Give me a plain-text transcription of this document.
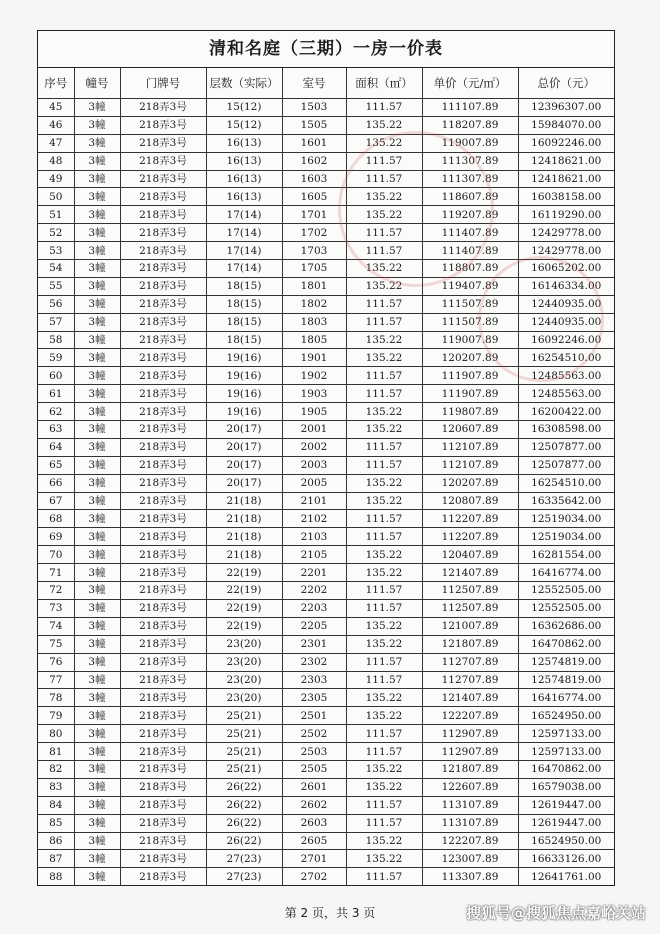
清和名庭（三期）一房一价表
序号	幢号	门牌号	层数（实际）	室号	面积（㎡）	单价（元/㎡）	总价（元）
45	3幢	218弄3号	15(12)	1503	111.57	111107.89	12396307.00
46	3幢	218弄3号	15(12)	1505	135.22	118207.89	15984070.00
47	3幢	218弄3号	16(13)	1601	135.22	119007.89	16092246.00
48	3幢	218弄3号	16(13)	1602	111.57	111307.89	12418621.00
49	3幢	218弄3号	16(13)	1603	111.57	111307.89	12418621.00
50	3幢	218弄3号	16(13)	1605	135.22	118607.89	16038158.00
51	3幢	218弄3号	17(14)	1701	135.22	119207.89	16119290.00
52	3幢	218弄3号	17(14)	1702	111.57	111407.89	12429778.00
53	3幢	218弄3号	17(14)	1703	111.57	111407.89	12429778.00
54	3幢	218弄3号	17(14)	1705	135.22	118807.89	16065202.00
55	3幢	218弄3号	18(15)	1801	135.22	119407.89	16146334.00
56	3幢	218弄3号	18(15)	1802	111.57	111507.89	12440935.00
57	3幢	218弄3号	18(15)	1803	111.57	111507.89	12440935.00
58	3幢	218弄3号	18(15)	1805	135.22	119007.89	16092246.00
59	3幢	218弄3号	19(16)	1901	135.22	120207.89	16254510.00
60	3幢	218弄3号	19(16)	1902	111.57	111907.89	12485563.00
61	3幢	218弄3号	19(16)	1903	111.57	111907.89	12485563.00
62	3幢	218弄3号	19(16)	1905	135.22	119807.89	16200422.00
63	3幢	218弄3号	20(17)	2001	135.22	120607.89	16308598.00
64	3幢	218弄3号	20(17)	2002	111.57	112107.89	12507877.00
65	3幢	218弄3号	20(17)	2003	111.57	112107.89	12507877.00
66	3幢	218弄3号	20(17)	2005	135.22	120207.89	16254510.00
67	3幢	218弄3号	21(18)	2101	135.22	120807.89	16335642.00
68	3幢	218弄3号	21(18)	2102	111.57	112207.89	12519034.00
69	3幢	218弄3号	21(18)	2103	111.57	112207.89	12519034.00
70	3幢	218弄3号	21(18)	2105	135.22	120407.89	16281554.00
71	3幢	218弄3号	22(19)	2201	135.22	121407.89	16416774.00
72	3幢	218弄3号	22(19)	2202	111.57	112507.89	12552505.00
73	3幢	218弄3号	22(19)	2203	111.57	112507.89	12552505.00
74	3幢	218弄3号	22(19)	2205	135.22	121007.89	16362686.00
75	3幢	218弄3号	23(20)	2301	135.22	121807.89	16470862.00
76	3幢	218弄3号	23(20)	2302	111.57	112707.89	12574819.00
77	3幢	218弄3号	23(20)	2303	111.57	112707.89	12574819.00
78	3幢	218弄3号	23(20)	2305	135.22	121407.89	16416774.00
79	3幢	218弄3号	25(21)	2501	135.22	122207.89	16524950.00
80	3幢	218弄3号	25(21)	2502	111.57	112907.89	12597133.00
81	3幢	218弄3号	25(21)	2503	111.57	112907.89	12597133.00
82	3幢	218弄3号	25(21)	2505	135.22	121807.89	16470862.00
83	3幢	218弄3号	26(22)	2601	135.22	122607.89	16579038.00
84	3幢	218弄3号	26(22)	2602	111.57	113107.89	12619447.00
85	3幢	218弄3号	26(22)	2603	111.57	113107.89	12619447.00
86	3幢	218弄3号	26(22)	2605	135.22	122207.89	16524950.00
87	3幢	218弄3号	27(23)	2701	135.22	123007.89	16633126.00
88	3幢	218弄3号	27(23)	2702	111.57	113307.89	12641761.00
第 2 页，共 3 页	搜狐号@搜狐焦点嘉峪关站
